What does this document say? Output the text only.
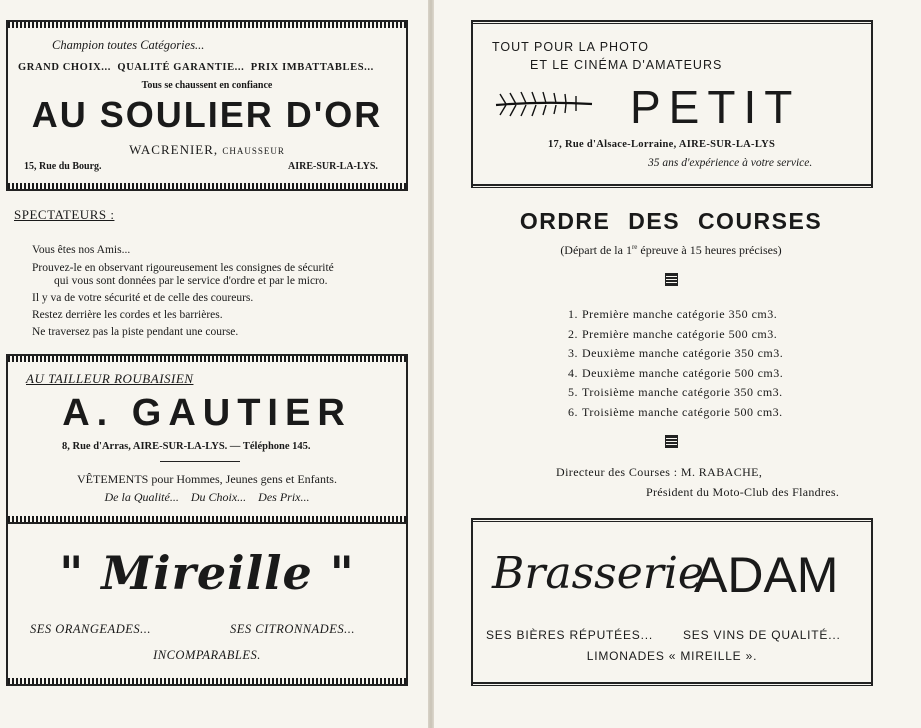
Champion toutes Catégories...
GRAND CHOIX...  QUALITÉ GARANTIE...  PRIX IMBATTABLES...
Tous se chaussent en confiance
AU SOULIER D'OR
WACRENIER, CHAUSSEUR
15, Rue du Bourg.	AIRE-SUR-LA-LYS.
SPECTATEURS :
Vous êtes nos Amis...
Prouvez-le en observant rigoureusement les consignes de sécurité
qui vous sont données par le service d'ordre et par le micro.
Il y va de votre sécurité et de celle des coureurs.
Restez derrière les cordes et les barrières.
Ne traversez pas la piste pendant une course.
AU TAILLEUR ROUBAISIEN
A. GAUTIER
8, Rue d'Arras, AIRE-SUR-LA-LYS. — Téléphone 145.
VÊTEMENTS pour Hommes, Jeunes gens et Enfants.
De la Qualité...    Du Choix...    Des Prix...
" Mireille "
SES ORANGEADES...	SES CITRONNADES...
INCOMPARABLES.
TOUT POUR LA PHOTO
ET LE CINÉMA D'AMATEURS
PETIT
17, Rue d'Alsace-Lorraine, AIRE-SUR-LA-LYS
35 ans d'expérience à votre service.
ORDRE DES COURSES
(Départ de la 1re épreuve à 15 heures précises)
1. Première manche catégorie 350 cm3.
2. Première manche catégorie 500 cm3.
3. Deuxième manche catégorie 350 cm3.
4. Deuxième manche catégorie 500 cm3.
5. Troisième manche catégorie 350 cm3.
6. Troisième manche catégorie 500 cm3.
Directeur des Courses : M. RABACHE,
Président du Moto-Club des Flandres.
Brasserie
ADAM
SES BIÈRES RÉPUTÉES...	SES VINS DE QUALITÉ...
LIMONADES « MIREILLE ».
